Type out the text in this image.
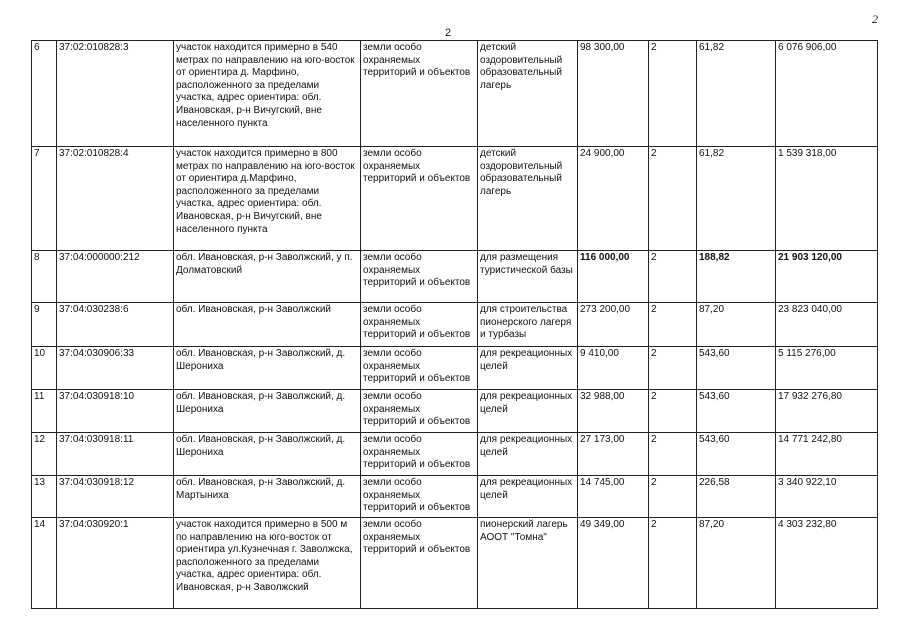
2
2
6	37:02:010828:3	участок находится примерно в 540 метрах по направлению на юго-восток от ориентира д. Марфино, расположенного за пределами участка, адрес ориентира: обл. Ивановская, р-н Вичугский, вне населенного пункта	земли особо охраняемых территорий и объектов	детский оздоровительный образовательный лагерь	98 300,00	2	61,82	6 076 906,00
7	37:02:010828:4	участок находится примерно в 800 метрах по направлению на юго-восток от ориентира д.Марфино, расположенного за пределами участка, адрес ориентира: обл. Ивановская, р-н Вичугский, вне населенного пункта	земли особо охраняемых территорий и объектов	детский оздоровительный образовательный лагерь	24 900,00	2	61,82	1 539 318,00
8	37:04:000000:212	обл. Ивановская, р-н Заволжский, у п. Долматовский	земли особо охраняемых территорий и объектов	для размещения туристической базы	116 000,00	2	188,82	21 903 120,00
9	37:04:030238:6	обл. Ивановская, р-н Заволжский	земли особо охраняемых территорий и объектов	для строительства пионерского лагеря и турбазы	273 200,00	2	87,20	23 823 040,00
10	37:04:030906:33	обл. Ивановская, р-н Заволжский, д. Шерониха	земли особо охраняемых территорий и объектов	для рекреационных целей	9 410,00	2	543,60	5 115 276,00
11	37:04:030918:10	обл. Ивановская, р-н Заволжский, д. Шерониха	земли особо охраняемых территорий и объектов	для рекреационных целей	32 988,00	2	543,60	17 932 276,80
12	37:04:030918:11	обл. Ивановская, р-н Заволжский, д. Шерониха	земли особо охраняемых территорий и объектов	для рекреационных целей	27 173,00	2	543,60	14 771 242,80
13	37:04:030918:12	обл. Ивановская, р-н Заволжский, д. Мартыниха	земли особо охраняемых территорий и объектов	для рекреационных целей	14 745,00	2	226,58	3 340 922,10
14	37:04:030920:1	участок находится примерно в 500 м по направлению на юго-восток от ориентира ул.Кузнечная г. Заволжска, расположенного за пределами участка, адрес ориентира: обл. Ивановская, р-н Заволжский	земли особо охраняемых территорий и объектов	пионерский лагерь АООТ "Томна"	49 349,00	2	87,20	4 303 232,80
